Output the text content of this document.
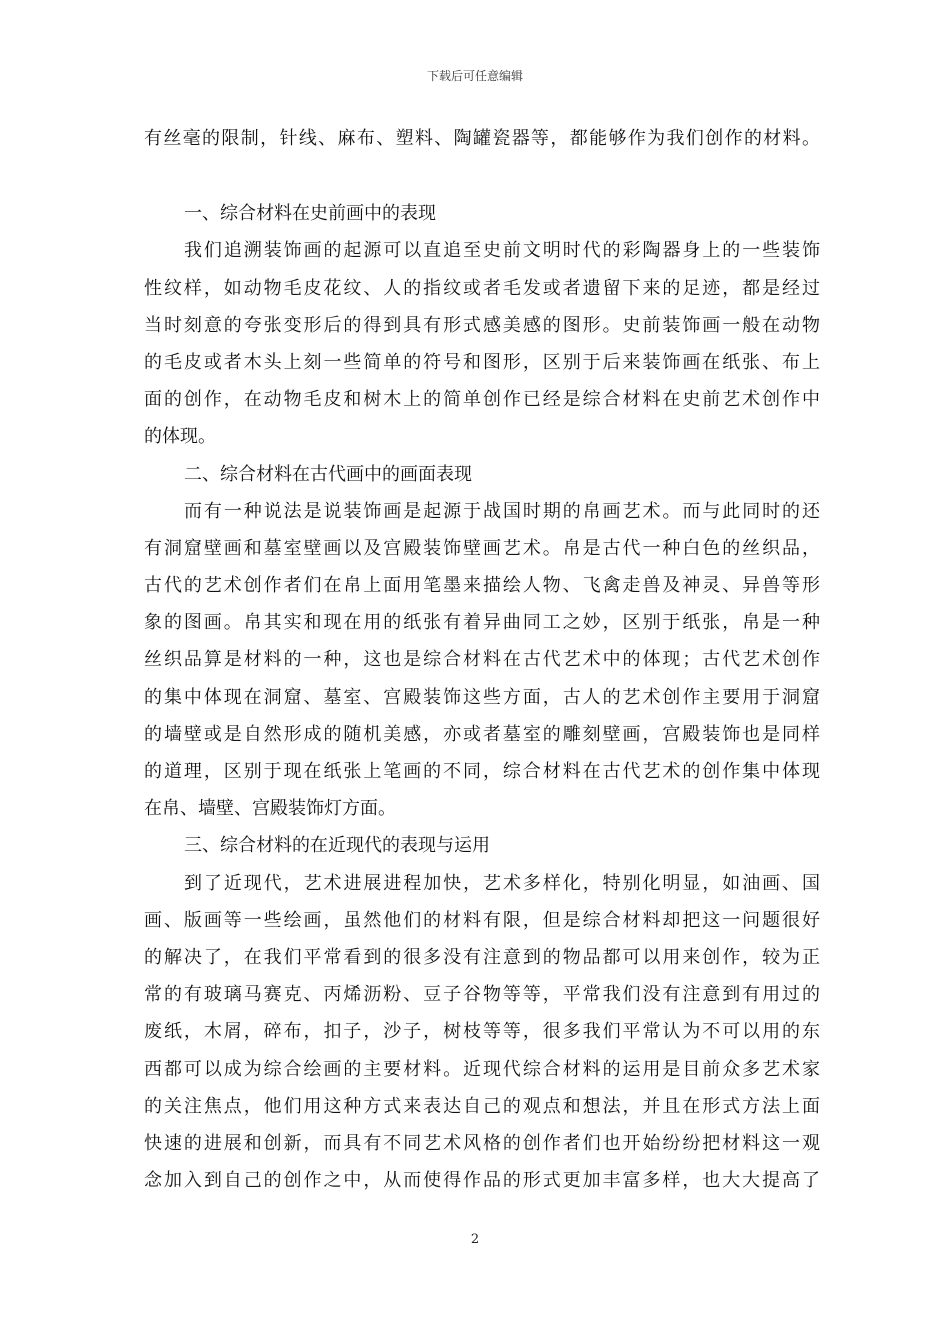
下载后可任意编辑

有丝毫的限制，针线、麻布、塑料、陶罐瓷器等，都能够作为我们创作的材料。

一、综合材料在史前画中的表现

我们追溯装饰画的起源可以直追至史前文明时代的彩陶器身上的一些装饰

性纹样，如动物毛皮花纹、人的指纹或者毛发或者遗留下来的足迹，都是经过

当时刻意的夸张变形后的得到具有形式感美感的图形。史前装饰画一般在动物

的毛皮或者木头上刻一些简单的符号和图形，区别于后来装饰画在纸张、布上

面的创作，在动物毛皮和树木上的简单创作已经是综合材料在史前艺术创作中

的体现。

二、综合材料在古代画中的画面表现

而有一种说法是说装饰画是起源于战国时期的帛画艺术。而与此同时的还

有洞窟壁画和墓室壁画以及宫殿装饰壁画艺术。帛是古代一种白色的丝织品，

古代的艺术创作者们在帛上面用笔墨来描绘人物、飞禽走兽及神灵、异兽等形

象的图画。帛其实和现在用的纸张有着异曲同工之妙，区别于纸张，帛是一种

丝织品算是材料的一种，这也是综合材料在古代艺术中的体现；古代艺术创作

的集中体现在洞窟、墓室、宫殿装饰这些方面，古人的艺术创作主要用于洞窟

的墙壁或是自然形成的随机美感，亦或者墓室的雕刻壁画，宫殿装饰也是同样

的道理，区别于现在纸张上笔画的不同，综合材料在古代艺术的创作集中体现

在帛、墙壁、宫殿装饰灯方面。

三、综合材料的在近现代的表现与运用

到了近现代，艺术进展进程加快，艺术多样化，特别化明显，如油画、国

画、版画等一些绘画，虽然他们的材料有限，但是综合材料却把这一问题很好

的解决了，在我们平常看到的很多没有注意到的物品都可以用来创作，较为正

常的有玻璃马赛克、丙烯沥粉、豆子谷物等等，平常我们没有注意到有用过的

废纸，木屑，碎布，扣子，沙子，树枝等等，很多我们平常认为不可以用的东

西都可以成为综合绘画的主要材料。近现代综合材料的运用是目前众多艺术家

的关注焦点，他们用这种方式来表达自己的观点和想法，并且在形式方法上面

快速的进展和创新，而具有不同艺术风格的创作者们也开始纷纷把材料这一观

念加入到自己的创作之中，从而使得作品的形式更加丰富多样，也大大提高了

2
